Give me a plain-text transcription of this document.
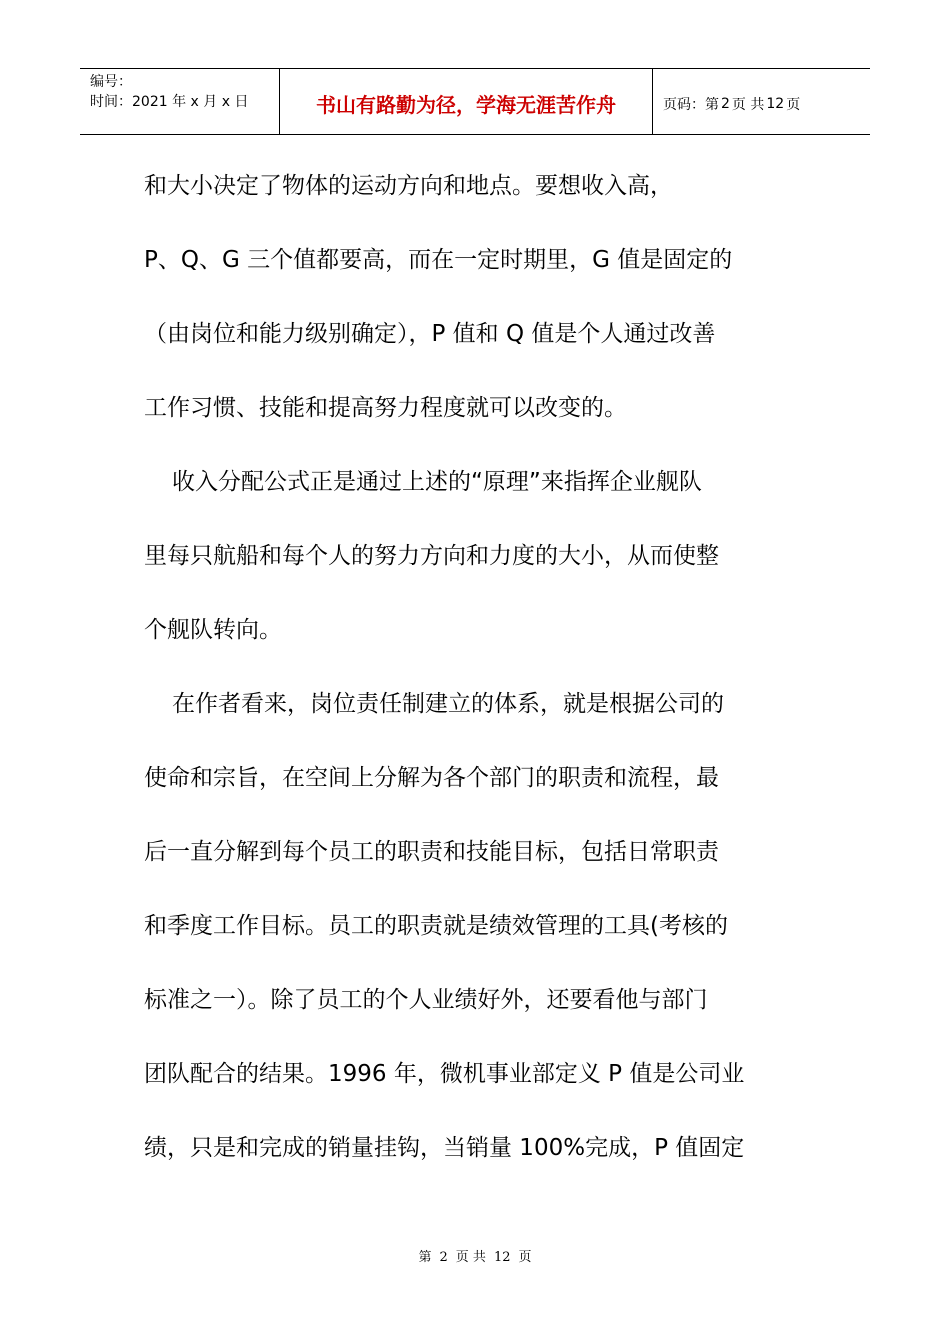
编号：
时间：2021 年 x 月 x 日	书山有路勤为径，学海无涯苦作舟	页码：第 2 页 共 12 页
和大小决定了物体的运动方向和地点。要想收入高，
P、Q、G 三个值都要高，而在一定时期里，G 值是固定的
（由岗位和能力级别确定），P 值和 Q 值是个人通过改善
工作习惯、技能和提高努力程度就可以改变的。
收入分配公式正是通过上述的“原理”来指挥企业舰队
里每只航船和每个人的努力方向和力度的大小，从而使整
个舰队转向。
在作者看来，岗位责任制建立的体系，就是根据公司的
使命和宗旨，在空间上分解为各个部门的职责和流程，最
后一直分解到每个员工的职责和技能目标，包括日常职责
和季度工作目标。员工的职责就是绩效管理的工具(考核的
标准之一）。除了员工的个人业绩好外，还要看他与部门
团队配合的结果。1996 年，微机事业部定义 P 值是公司业
绩，只是和完成的销量挂钩，当销量 100%完成，P 值固定
第 2 页 共 12 页
